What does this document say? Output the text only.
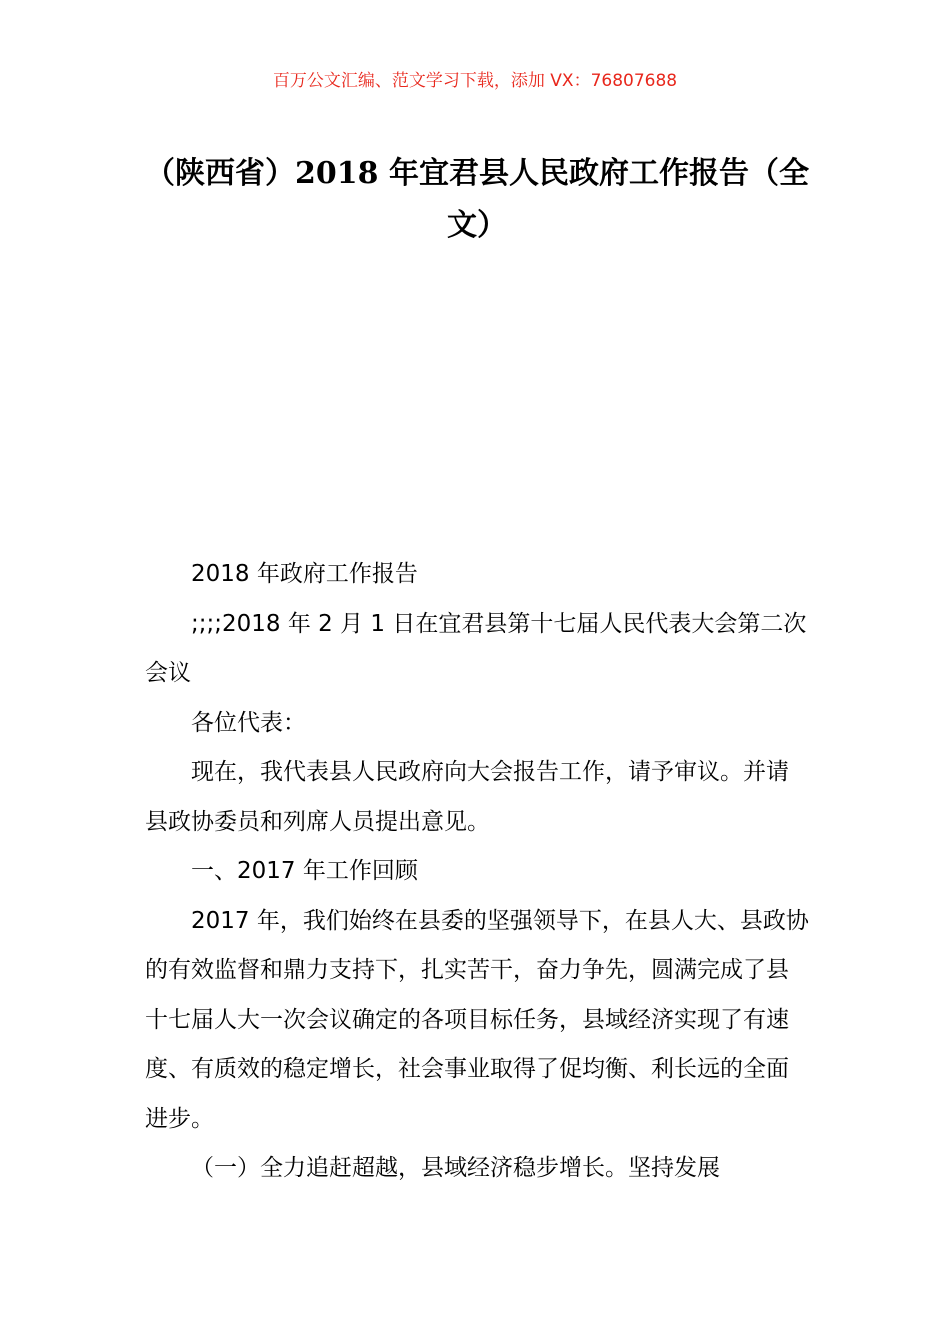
百万公文汇编、范文学习下载，添加 VX：76807688
（陕西省）2018 年宜君县人民政府工作报告（全文）

2018 年政府工作报告

;;;;2018 年 2 月 1 日在宜君县第十七届人民代表大会第二次会议

各位代表：

现在，我代表县人民政府向大会报告工作，请予审议。并请县政协委员和列席人员提出意见。

一、2017 年工作回顾

2017 年，我们始终在县委的坚强领导下，在县人大、县政协的有效监督和鼎力支持下，扎实苦干，奋力争先，圆满完成了县十七届人大一次会议确定的各项目标任务，县域经济实现了有速度、有质效的稳定增长，社会事业取得了促均衡、利长远的全面进步。

（一）全力追赶超越，县域经济稳步增长。坚持发展
